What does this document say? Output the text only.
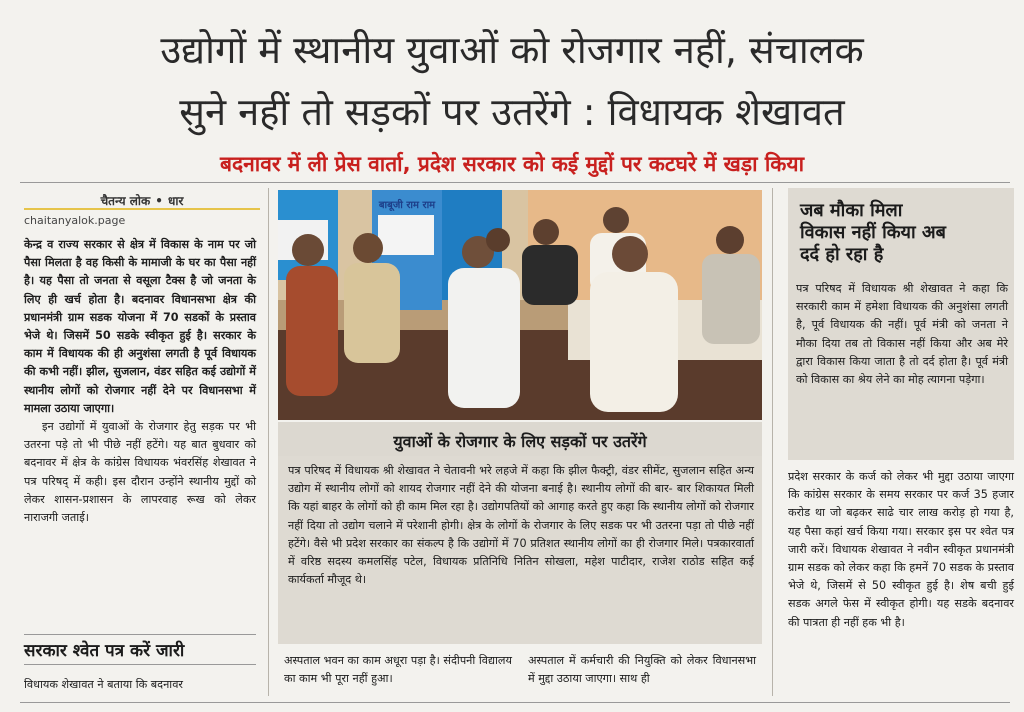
उद्योगों में स्थानीय युवाओं को रोजगार नहीं, संचालक
सुने नहीं तो सड़कों पर उतरेंगे : विधायक शेखावत
बदनावर में ली प्रेस वार्ता, प्रदेश सरकार को कई मुद्दों पर कटघरे में खड़ा किया
चैतन्य लोक • धार
chaitanyalok.page

केन्द्र व राज्य सरकार से क्षेत्र में विकास के नाम पर जो पैसा मिलता है वह किसी के मामाजी के घर का पैसा नहीं है। यह पैसा तो जनता से वसूला टैक्स है जो जनता के लिए ही खर्च होता है। बदनावर विधानसभा क्षेत्र की प्रधानमंत्री ग्राम सडक योजना में 70 सडकों के प्रस्ताव भेजे थे। जिसमें 50 सडके स्वीकृत हुई है। सरकार के काम में विधायक की ही अनुशंसा लगती है पूर्व विधायक की कभी नहीं। झील, सुजलान, वंडर सहित कई उद्योगों में स्थानीय लोगों को रोजगार नहीं देने पर विधानसभा में मामला उठाया जाएगा।

इन उद्योगों में युवाओं के रोजगार हेतु सड़क पर भी उतरना पड़े तो भी पीछे नहीं हटेंगे। यह बात बुधवार को बदनावर में क्षेत्र के कांग्रेस विधायक भंवरसिंह शेखावत ने पत्र परिषद् में कही। इस दौरान उन्होंने स्थानीय मुद्दों को लेकर शासन-प्रशासन के लापरवाह रूख को लेकर नाराजगी जताई।

सरकार श्वेत पत्र करें जारी
विधायक शेखावत ने बताया कि बदनावर
बाबूजी राम राम
युवाओं के रोजगार के लिए सड़कों पर उतरेंगे
पत्र परिषद में विधायक श्री शेखावत ने चेतावनी भरे लहजे में कहा कि झील फैक्ट्री, वंडर सीमेंट, सुजलान सहित अन्य उद्योग में स्थानीय लोगों को शायद रोजगार नहीं देने की योजना बनाई है। स्थानीय लोगों की बार- बार शिकायत मिली कि यहां बाहर के लोगों को ही काम मिल रहा है। उद्योगपतियों को आगाह करते हुए कहा कि स्थानीय लोगों को रोजगार नहीं दिया तो उद्योग चलाने में परेशानी होगी। क्षेत्र के लोगों के रोजगार के लिए सडक पर भी उतरना पड़ा तो पीछे नहीं हटेंगे। वैसे भी प्रदेश सरकार का संकल्प है कि उद्योगों में 70 प्रतिशत स्थानीय लोगों का ही रोजगार मिले। पत्रकारवार्ता में वरिष्ठ सदस्य कमलसिंह पटेल, विधायक प्रतिनिधि नितिन सोखला, महेश पाटीदार, राजेश राठोड सहित कई कार्यकर्ता मौजूद थे।
अस्पताल भवन का काम अधूरा पड़ा है। संदीपनी विद्यालय का काम भी पूरा नहीं हुआ।
अस्पताल में कर्मचारी की नियुक्ति को लेकर विधानसभा में मुद्दा उठाया जाएगा। साथ ही
जब मौका मिला विकास नहीं किया अब दर्द हो रहा है
पत्र परिषद में विधायक श्री शेखावत ने कहा कि सरकारी काम में हमेशा विधायक की अनुशंसा लगती है, पूर्व विधायक की नहीं। पूर्व मंत्री को जनता ने मौका दिया तब तो विकास नहीं किया और अब मेरे द्वारा विकास किया जाता है तो दर्द होता है। पूर्व मंत्री को विकास का श्रेय लेने का मोह त्यागना पड़ेगा।
प्रदेश सरकार के कर्ज को लेकर भी मुद्दा उठाया जाएगा कि कांग्रेस सरकार के समय सरकार पर कर्ज 35 हजार करोड था जो बढ़कर साढे चार लाख करोड़ हो गया है, यह पैसा कहां खर्च किया गया। सरकार इस पर श्वेत पत्र जारी करें। विधायक शेखावत ने नवीन स्वीकृत प्रधानमंत्री ग्राम सडक को लेकर कहा कि हमनें 70 सडक के प्रस्ताव भेजे थे, जिसमें से 50 स्वीकृत हुई है। शेष बची हुई सडक अगले फेस में स्वीकृत होगी। यह सडके बदनावर की पात्रता ही नहीं हक भी है।
